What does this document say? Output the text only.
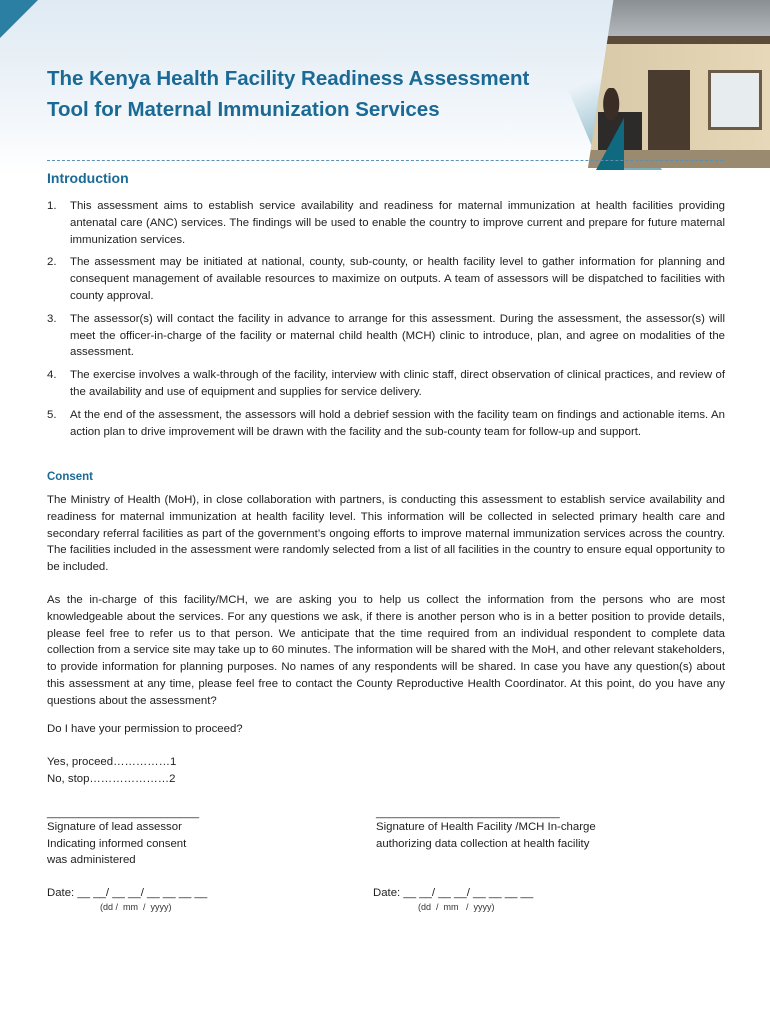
The Kenya Health Facility Readiness Assessment Tool for Maternal Immunization Services
Introduction
1. This assessment aims to establish service availability and readiness for maternal immunization at health facilities providing antenatal care (ANC) services. The findings will be used to enable the country to improve current and prepare for future maternal immunization services.
2. The assessment may be initiated at national, county, sub-county, or health facility level to gather information for planning and consequent management of available resources to maximize on outputs. A team of assessors will be dispatched to facilities with county approval.
3. The assessor(s) will contact the facility in advance to arrange for this assessment. During the assessment, the assessor(s) will meet the officer-in-charge of the facility or maternal child health (MCH) clinic to introduce, plan, and agree on modalities of the assessment.
4. The exercise involves a walk-through of the facility, interview with clinic staff, direct observation of clinical practices, and review of the availability and use of equipment and supplies for service delivery.
5. At the end of the assessment, the assessors will hold a debrief session with the facility team on findings and actionable items. An action plan to drive improvement will be drawn with the facility and the sub-county team for follow-up and support.
Consent

The Ministry of Health (MoH), in close collaboration with partners, is conducting this assessment to establish service availability and readiness for maternal immunization at health facility level. This information will be collected in selected primary health care and secondary referral facilities as part of the government’s ongoing efforts to improve maternal immunization services across the country. The facilities included in the assessment were randomly selected from a list of all facilities in the country to ensure equal opportunity to be included.

As the in-charge of this facility/MCH, we are asking you to help us collect the information from the persons who are most knowledgeable about the services. For any questions we ask, if there is another person who is in a better position to provide details, please feel free to refer us to that person. We anticipate that the time required from an individual respondent to complete data collection from a service site may take up to 60 minutes. The information will be shared with the MoH, and other relevant stakeholders, to provide information for planning purposes. No names of any respondents will be shared. In case you have any question(s) about this assessment at any time, please feel free to contact the County Reproductive Health Coordinator. At this point, do you have any questions about the assessment?

Do I have your permission to proceed?

Yes, proceed……………1

No, stop…………………2

________________________

Signature of lead assessor

Indicating informed consent

was administered

_____________________________

Signature of Health Facility /MCH In-charge

authorizing data collection at health facility

Date: __ __/ __ __/ __ __ __ __

(dd /  mm  /  yyyy)

Date: __ __/ __ __/ __ __ __ __

(dd  /  mm   /  yyyy)
